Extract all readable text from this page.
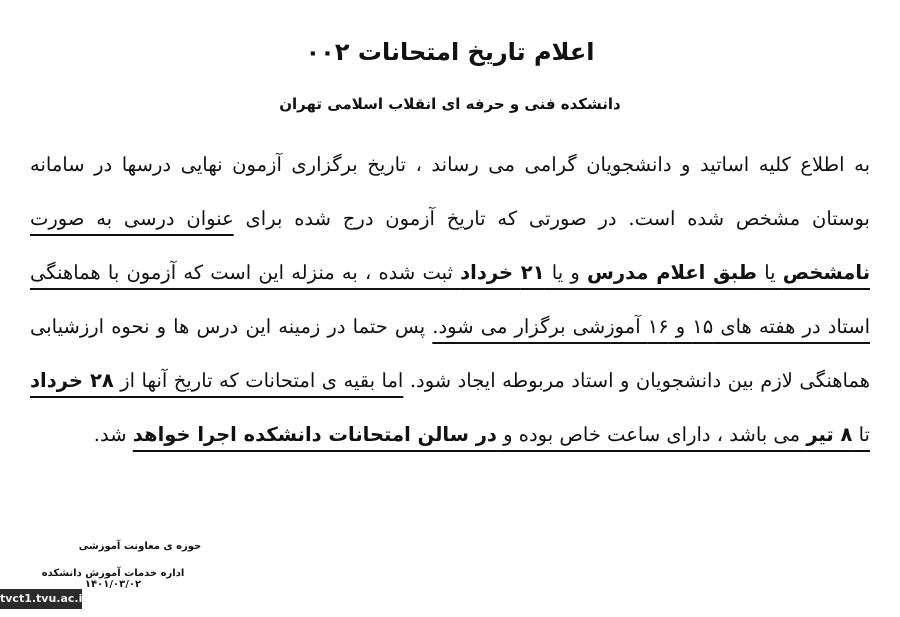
اعلام تاریخ امتحانات ۰۰۲
دانشکده فنی و حرفه ای انقلاب اسلامی تهران
به اطلاع کلیه اساتید و دانشجویان گرامی می رساند ، تاریخ برگزاری آزمون نهایی درسها در سامانه بوستان مشخص شده است. در صورتی که تاریخ آزمون درج شده برای عنوان درسی به صورت نامشخص یا طبق اعلام مدرس و یا ۲۱ خرداد ثبت شده ، به منزله این است که آزمون با هماهنگی استاد در هفته های ۱۵ و ۱۶ آموزشی برگزار می شود. پس حتما در زمینه این درس ها و نحوه ارزشیابی هماهنگی لازم بین دانشجویان و استاد مربوطه ایجاد شود. اما بقیه ی امتحانات که تاریخ آنها از ۲۸ خرداد تا ۸ تیر می باشد ، دارای ساعت خاص بوده و در سالن امتحانات دانشکده اجرا خواهد شد.
حوزه ی معاونت آموزشی
اداره خدمات آموزش دانشکده ۱۴۰۱/۰۳/۰۲
tvct1.tvu.ac.ir
